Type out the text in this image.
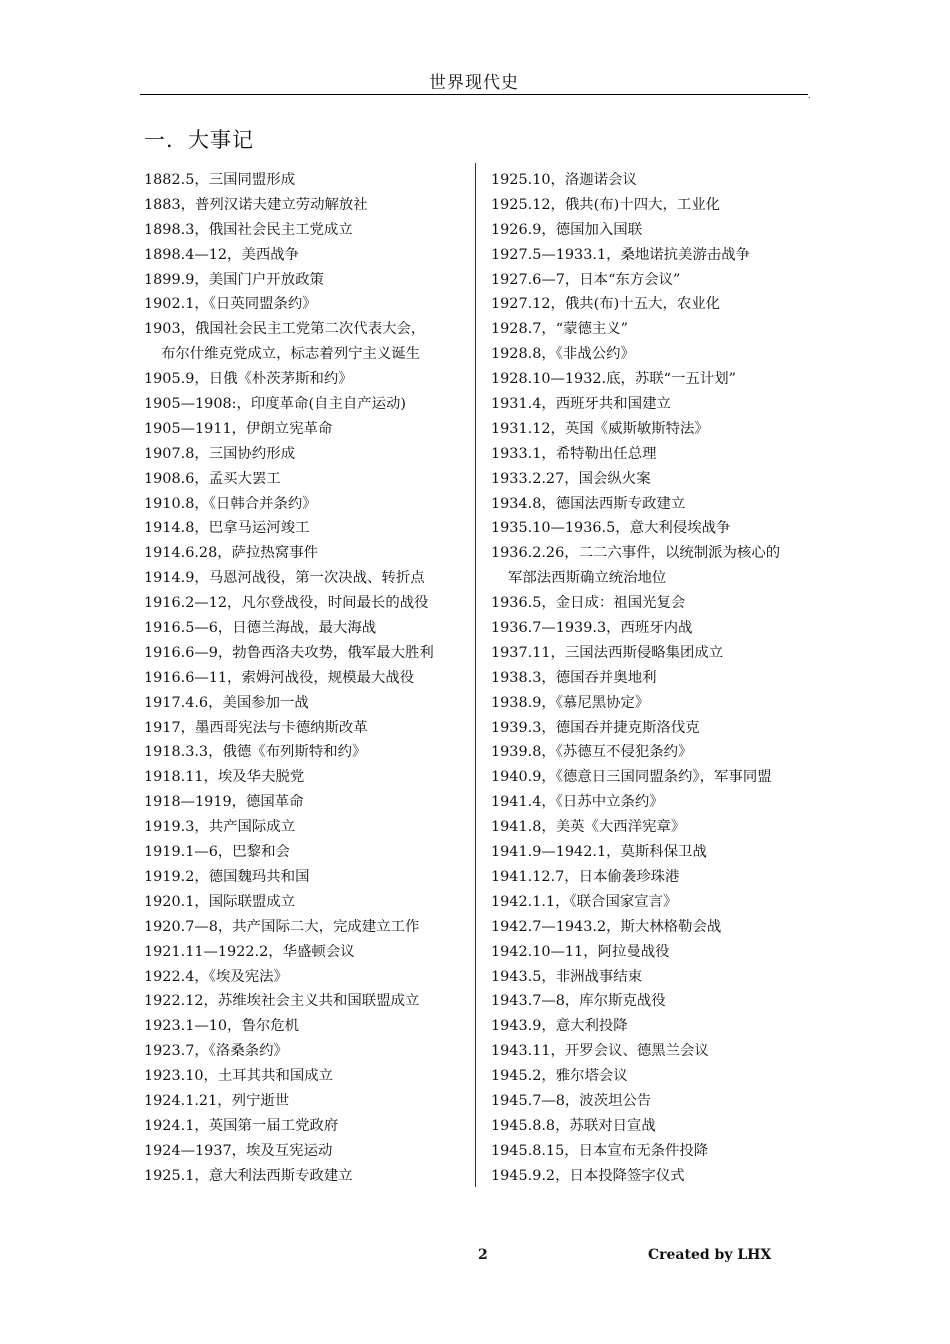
世界现代史
.
一．大事记
1882.5，三国同盟形成
1883，普列汉诺夫建立劳动解放社
1898.3，俄国社会民主工党成立
1898.4—12，美西战争
1899.9，美国门户开放政策
1902.1，《日英同盟条约》
1903，俄国社会民主工党第二次代表大会，
布尔什维克党成立，标志着列宁主义诞生
1905.9，日俄《朴茨茅斯和约》
1905—1908:，印度革命(自主自产运动)
1905—1911，伊朗立宪革命
1907.8，三国协约形成
1908.6，孟买大罢工
1910.8，《日韩合并条约》
1914.8，巴拿马运河竣工
1914.6.28，萨拉热窝事件
1914.9，马恩河战役，第一次决战、转折点
1916.2—12，凡尔登战役，时间最长的战役
1916.5—6，日德兰海战，最大海战
1916.6—9，勃鲁西洛夫攻势，俄军最大胜利
1916.6—11，索姆河战役，规模最大战役
1917.4.6，美国参加一战
1917，墨西哥宪法与卡德纳斯改革
1918.3.3，俄德《布列斯特和约》
1918.11，埃及华夫脱党
1918—1919，德国革命
1919.3，共产国际成立
1919.1—6，巴黎和会
1919.2，德国魏玛共和国
1920.1，国际联盟成立
1920.7—8，共产国际二大，完成建立工作
1921.11—1922.2，华盛顿会议
1922.4，《埃及宪法》
1922.12，苏维埃社会主义共和国联盟成立
1923.1—10，鲁尔危机
1923.7，《洛桑条约》
1923.10，土耳其共和国成立
1924.1.21，列宁逝世
1924.1，英国第一届工党政府
1924—1937，埃及互宪运动
1925.1，意大利法西斯专政建立
1925.10，洛迦诺会议
1925.12，俄共(布)十四大，工业化
1926.9，德国加入国联
1927.5—1933.1，桑地诺抗美游击战争
1927.6—7，日本“东方会议”
1927.12，俄共(布)十五大，农业化
1928.7，“蒙德主义”
1928.8，《非战公约》
1928.10—1932.底，苏联“一五计划”
1931.4，西班牙共和国建立
1931.12，英国《威斯敏斯特法》
1933.1，希特勒出任总理
1933.2.27，国会纵火案
1934.8，德国法西斯专政建立
1935.10—1936.5，意大利侵埃战争
1936.2.26，二二六事件，以统制派为核心的
军部法西斯确立统治地位
1936.5，金日成：祖国光复会
1936.7—1939.3，西班牙内战
1937.11，三国法西斯侵略集团成立
1938.3，德国吞并奥地利
1938.9，《慕尼黑协定》
1939.3，德国吞并捷克斯洛伐克
1939.8，《苏德互不侵犯条约》
1940.9，《德意日三国同盟条约》，军事同盟
1941.4，《日苏中立条约》
1941.8，美英《大西洋宪章》
1941.9—1942.1，莫斯科保卫战
1941.12.7，日本偷袭珍珠港
1942.1.1，《联合国家宣言》
1942.7—1943.2，斯大林格勒会战
1942.10—11，阿拉曼战役
1943.5，非洲战事结束
1943.7—8，库尔斯克战役
1943.9，意大利投降
1943.11，开罗会议、德黑兰会议
1945.2，雅尔塔会议
1945.7—8，波茨坦公告
1945.8.8，苏联对日宣战
1945.8.15，日本宣布无条件投降
1945.9.2，日本投降签字仪式
2	Created by LHX
